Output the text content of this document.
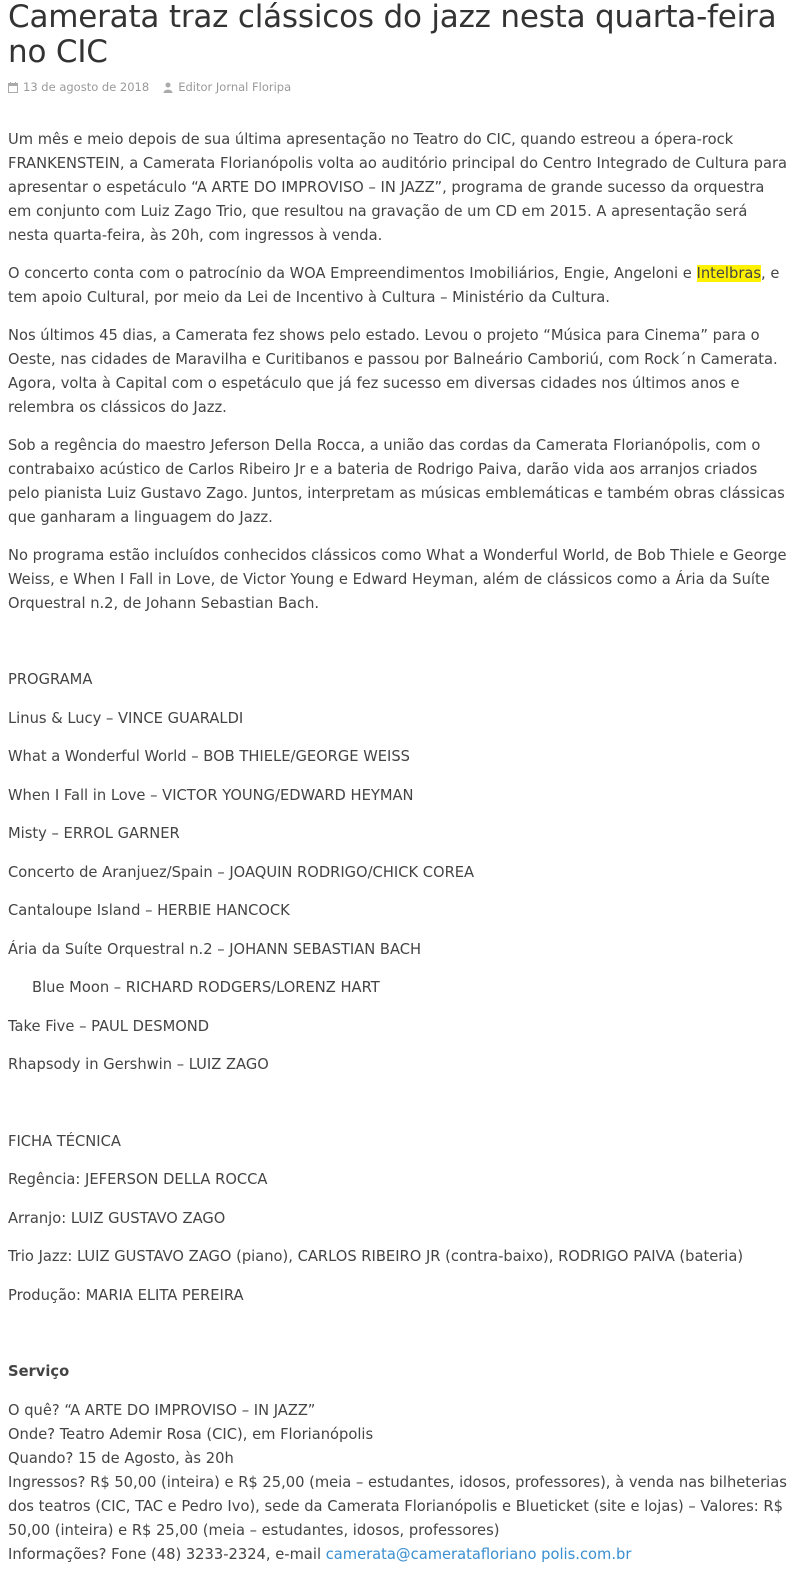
Camerata traz clássicos do jazz nesta quarta-feira no CIC
13 de agosto de 2018	Editor Jornal Floripa

Um mês e meio depois de sua última apresentação no Teatro do CIC, quando estreou a ópera-rock FRANKENSTEIN, a Camerata Florianópolis volta ao auditório principal do Centro Integrado de Cultura para apresentar o espetáculo “A ARTE DO IMPROVISO – IN JAZZ”, programa de grande sucesso da orquestra em conjunto com Luiz Zago Trio, que resultou na gravação de um CD em 2015. A apresentação será nesta quarta-feira, às 20h, com ingressos à venda.

O concerto conta com o patrocínio da WOA Empreendimentos Imobiliários, Engie, Angeloni e Intelbras, e tem apoio Cultural, por meio da Lei de Incentivo à Cultura – Ministério da Cultura.

Nos últimos 45 dias, a Camerata fez shows pelo estado. Levou o projeto “Música para Cinema” para o Oeste, nas cidades de Maravilha e Curitibanos e passou por Balneário Camboriú, com Rock´n Camerata. Agora, volta à Capital com o espetáculo que já fez sucesso em diversas cidades nos últimos anos e relembra os clássicos do Jazz.

Sob a regência do maestro Jeferson Della Rocca, a união das cordas da Camerata Florianópolis, com o contrabaixo acústico de Carlos Ribeiro Jr e a bateria de Rodrigo Paiva, darão vida aos arranjos criados pelo pianista Luiz Gustavo Zago. Juntos, interpretam as músicas emblemáticas e também obras clássicas que ganharam a linguagem do Jazz.

No programa estão incluídos conhecidos clássicos como What a Wonderful World, de Bob Thiele e George Weiss, e When I Fall in Love, de Victor Young e Edward Heyman, além de clássicos como a Ária da Suíte Orquestral n.2, de Johann Sebastian Bach.

PROGRAMA
Linus & Lucy – VINCE GUARALDI
What a Wonderful World – BOB THIELE/GEORGE WEISS
When I Fall in Love – VICTOR YOUNG/EDWARD HEYMAN
Misty – ERROL GARNER
Concerto de Aranjuez/Spain – JOAQUIN RODRIGO/CHICK COREA
Cantaloupe Island – HERBIE HANCOCK
Ária da Suíte Orquestral n.2 – JOHANN SEBASTIAN BACH
Blue Moon – RICHARD RODGERS/LORENZ HART
Take Five – PAUL DESMOND
Rhapsody in Gershwin – LUIZ ZAGO
FICHA TÉCNICA
Regência: JEFERSON DELLA ROCCA
Arranjo: LUIZ GUSTAVO ZAGO
Trio Jazz: LUIZ GUSTAVO ZAGO (piano), CARLOS RIBEIRO JR (contra-baixo), RODRIGO PAIVA (bateria)
Produção: MARIA ELITA PEREIRA
Serviço
O quê? “A ARTE DO IMPROVISO – IN JAZZ”
Onde? Teatro Ademir Rosa (CIC), em Florianópolis
Quando? 15 de Agosto, às 20h
Ingressos? R$ 50,00 (inteira) e R$ 25,00 (meia – estudantes, idosos, professores), à venda nas bilheterias dos teatros (CIC, TAC e Pedro Ivo), sede da Camerata Florianópolis e Blueticket (site e lojas) – Valores: R$ 50,00 (inteira) e R$ 25,00 (meia – estudantes, idosos, professores)
Informações? Fone (48) 3233-2324, e-mail camerata@cameratafloriano polis.com.br
